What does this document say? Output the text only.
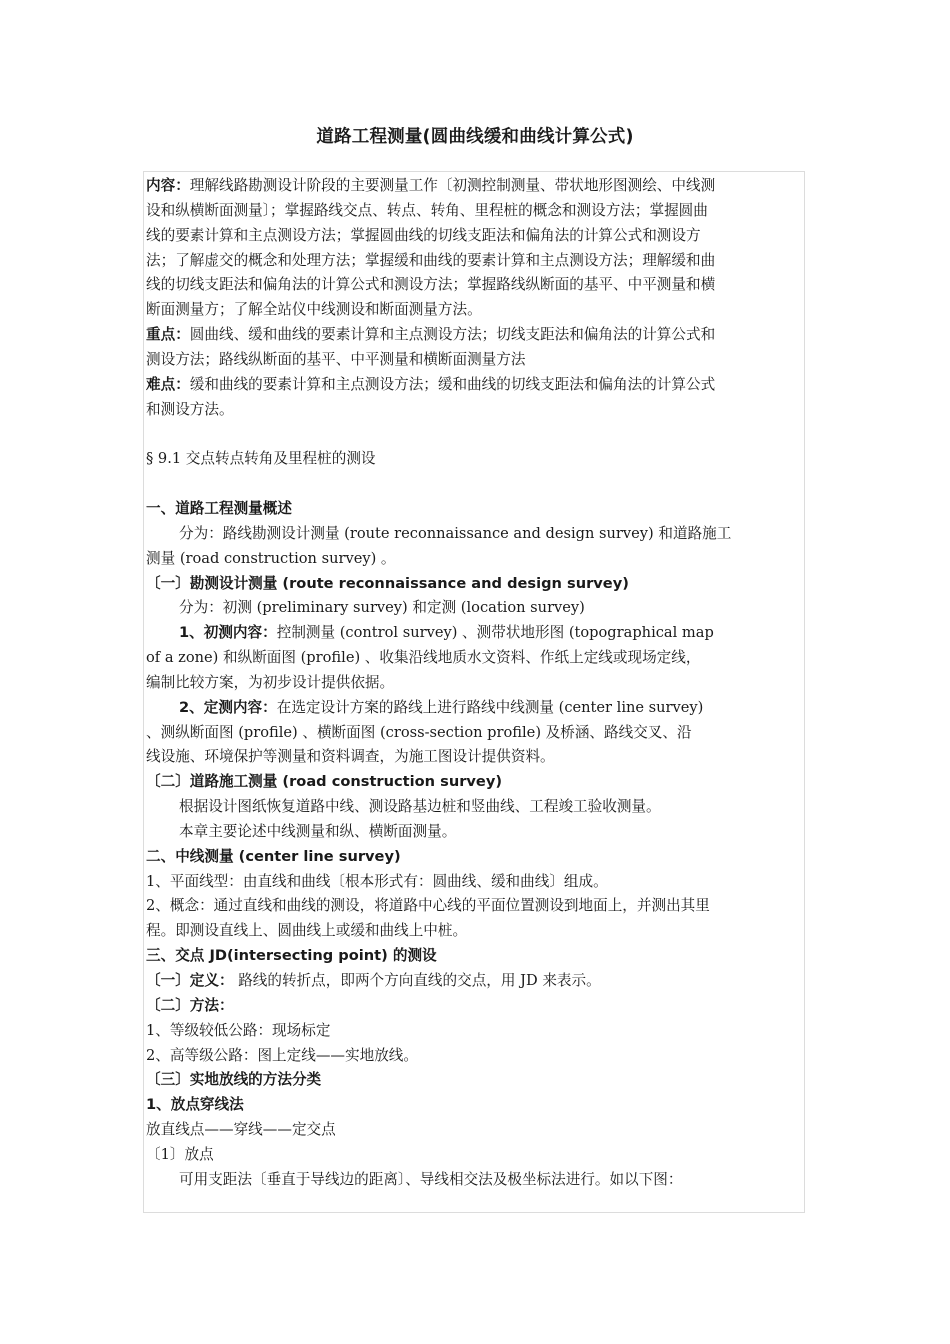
道路工程测量(圆曲线缓和曲线计算公式)
内容：理解线路勘测设计阶段的主要测量工作〔初测控制测量、带状地形图测绘、中线测
设和纵横断面测量〕；掌握路线交点、转点、转角、里程桩的概念和测设方法；掌握圆曲
线的要素计算和主点测设方法；掌握圆曲线的切线支距法和偏角法的计算公式和测设方
法；了解虚交的概念和处理方法；掌握缓和曲线的要素计算和主点测设方法；理解缓和曲
线的切线支距法和偏角法的计算公式和测设方法；掌握路线纵断面的基平、中平测量和横
断面测量方；了解全站仪中线测设和断面测量方法。
重点：圆曲线、缓和曲线的要素计算和主点测设方法；切线支距法和偏角法的计算公式和
测设方法；路线纵断面的基平、中平测量和横断面测量方法
难点：缓和曲线的要素计算和主点测设方法；缓和曲线的切线支距法和偏角法的计算公式
和测设方法。
§ 9.1 交点转点转角及里程桩的测设
一、道路工程测量概述
分为：路线勘测设计测量 (route reconnaissance and design survey) 和道路施工
测量 (road construction survey) 。
〔一〕勘测设计测量 (route reconnaissance and design survey)
分为：初测 (preliminary survey) 和定测 (location survey)
1、初测内容：控制测量 (control survey) 、测带状地形图 (topographical map
of a zone) 和纵断面图 (profile) 、收集沿线地质水文资料、作纸上定线或现场定线，
编制比较方案，为初步设计提供依据。
2、定测内容：在选定设计方案的路线上进行路线中线测量 (center line survey)
、测纵断面图 (profile) 、横断面图 (cross-section profile) 及桥涵、路线交叉、沿
线设施、环境保护等测量和资料调查，为施工图设计提供资料。
〔二〕道路施工测量 (road construction survey)
根据设计图纸恢复道路中线、测设路基边桩和竖曲线、工程竣工验收测量。
本章主要论述中线测量和纵、横断面测量。
二、中线测量 (center line survey)
1、平面线型：由直线和曲线〔根本形式有：圆曲线、缓和曲线〕组成。
2、概念：通过直线和曲线的测设，将道路中心线的平面位置测设到地面上，并测出其里
程。即测设直线上、圆曲线上或缓和曲线上中桩。
三、交点 JD(intersecting point) 的测设
〔一〕定义： 路线的转折点，即两个方向直线的交点，用 JD 来表示。
〔二〕方法：
1、等级较低公路：现场标定
2、高等级公路：图上定线——实地放线。
〔三〕实地放线的方法分类
1、放点穿线法
放直线点——穿线——定交点
〔1〕放点
可用支距法〔垂直于导线边的距离〕、导线相交法及极坐标法进行。如以下图：
